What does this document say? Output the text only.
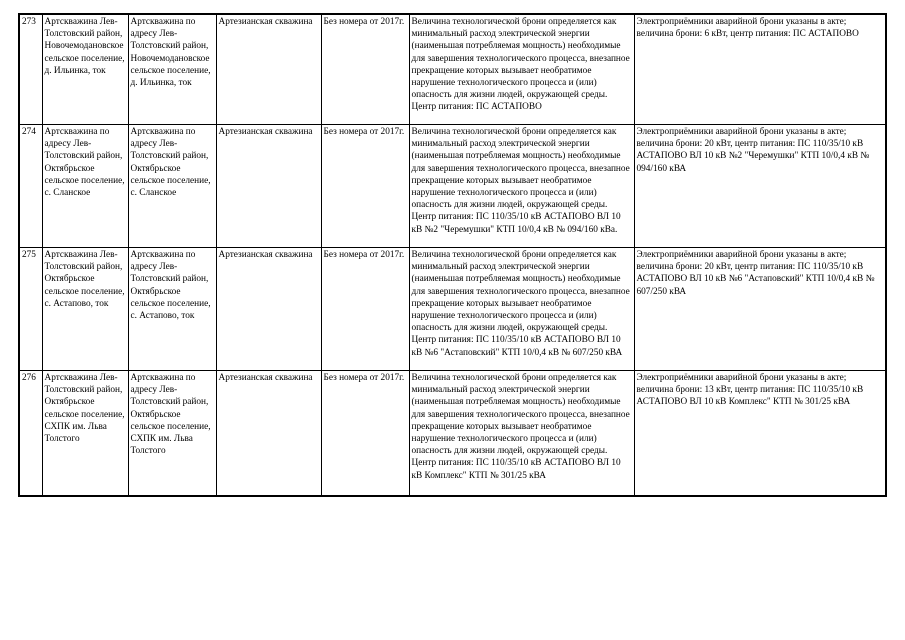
273	Артскважина Лев-Толстовский район, Новочемодановское сельское поселение, д. Ильинка, ток	Артскважина по адресу Лев-Толстовский район, Новочемодановское сельское поселение, д. Ильинка, ток	Артезианская скважина	Без номера от 2017г.	Величина технологической брони определяется как минимальный расход электрической энергии (наименьшая потребляемая мощность) необходимые для завершения технологического процесса, внезапное прекращение которых вызывает необратимое нарушение технологического процесса и (или) опасность для жизни людей, окружающей среды. Центр питания: ПС АСТАПОВО	Электроприёмники аварийной брони указаны в акте; величина брони: 6 кВт, центр питания: ПС АСТАПОВО
274	Артскважина по адресу Лев-Толстовский район, Октябрьское сельское поселение, с. Сланское	Артскважина по адресу Лев-Толстовский район, Октябрьское сельское поселение, с. Сланское	Артезианская скважина	Без номера от 2017г.	Величина технологической брони определяется как минимальный расход электрической энергии (наименьшая потребляемая мощность) необходимые для завершения технологического процесса, внезапное прекращение которых вызывает необратимое нарушение технологического процесса и (или) опасность для жизни людей, окружающей среды. Центр питания: ПС 110/35/10 кВ АСТАПОВО ВЛ 10 кВ №2 "Черемушки" КТП 10/0,4 кВ № 094/160 кВа.	Электроприёмники аварийной брони указаны в акте; величина брони: 20 кВт, центр питания: ПС 110/35/10 кВ АСТАПОВО ВЛ 10 кВ №2 "Черемушки" КТП 10/0,4 кВ № 094/160 кВА
275	Артскважина Лев-Толстовский район, Октябрьское сельское поселение, с. Астапово, ток	Артскважина по адресу Лев-Толстовский район, Октябрьское сельское поселение, с. Астапово, ток	Артезианская скважина	Без номера от 2017г.	Величина технологической брони определяется как минимальный расход электрической энергии (наименьшая потребляемая мощность) необходимые для завершения технологического процесса, внезапное прекращение которых вызывает необратимое нарушение технологического процесса и (или) опасность для жизни людей, окружающей среды. Центр питания: ПС 110/35/10 кВ АСТАПОВО ВЛ 10 кВ №6 "Астаповский" КТП 10/0,4 кВ № 607/250 кВА	Электроприёмники аварийной брони указаны в акте; величина брони: 20 кВт, центр питания: ПС 110/35/10 кВ АСТАПОВО ВЛ 10 кВ №6 "Астаповский" КТП 10/0,4 кВ № 607/250 кВА
276	Артскважина Лев-Толстовский район, Октябрьское сельское поселение, СХПК им. Льва Толстого	Артскважина по адресу Лев-Толстовский район, Октябрьское сельское поселение, СХПК им. Льва Толстого	Артезианская скважина	Без номера от 2017г.	Величина технологической брони определяется как минимальный расход электрической энергии (наименьшая потребляемая мощность) необходимые для завершения технологического процесса, внезапное прекращение которых вызывает необратимое нарушение технологического процесса и (или) опасность для жизни людей, окружающей среды. Центр питания: ПС 110/35/10 кВ АСТАПОВО ВЛ 10 кВ Комплекс" КТП № 301/25 кВА	Электроприёмники аварийной брони указаны в акте; величина брони: 13 кВт, центр питания: ПС 110/35/10 кВ АСТАПОВО ВЛ 10 кВ Комплекс" КТП № 301/25 кВА
